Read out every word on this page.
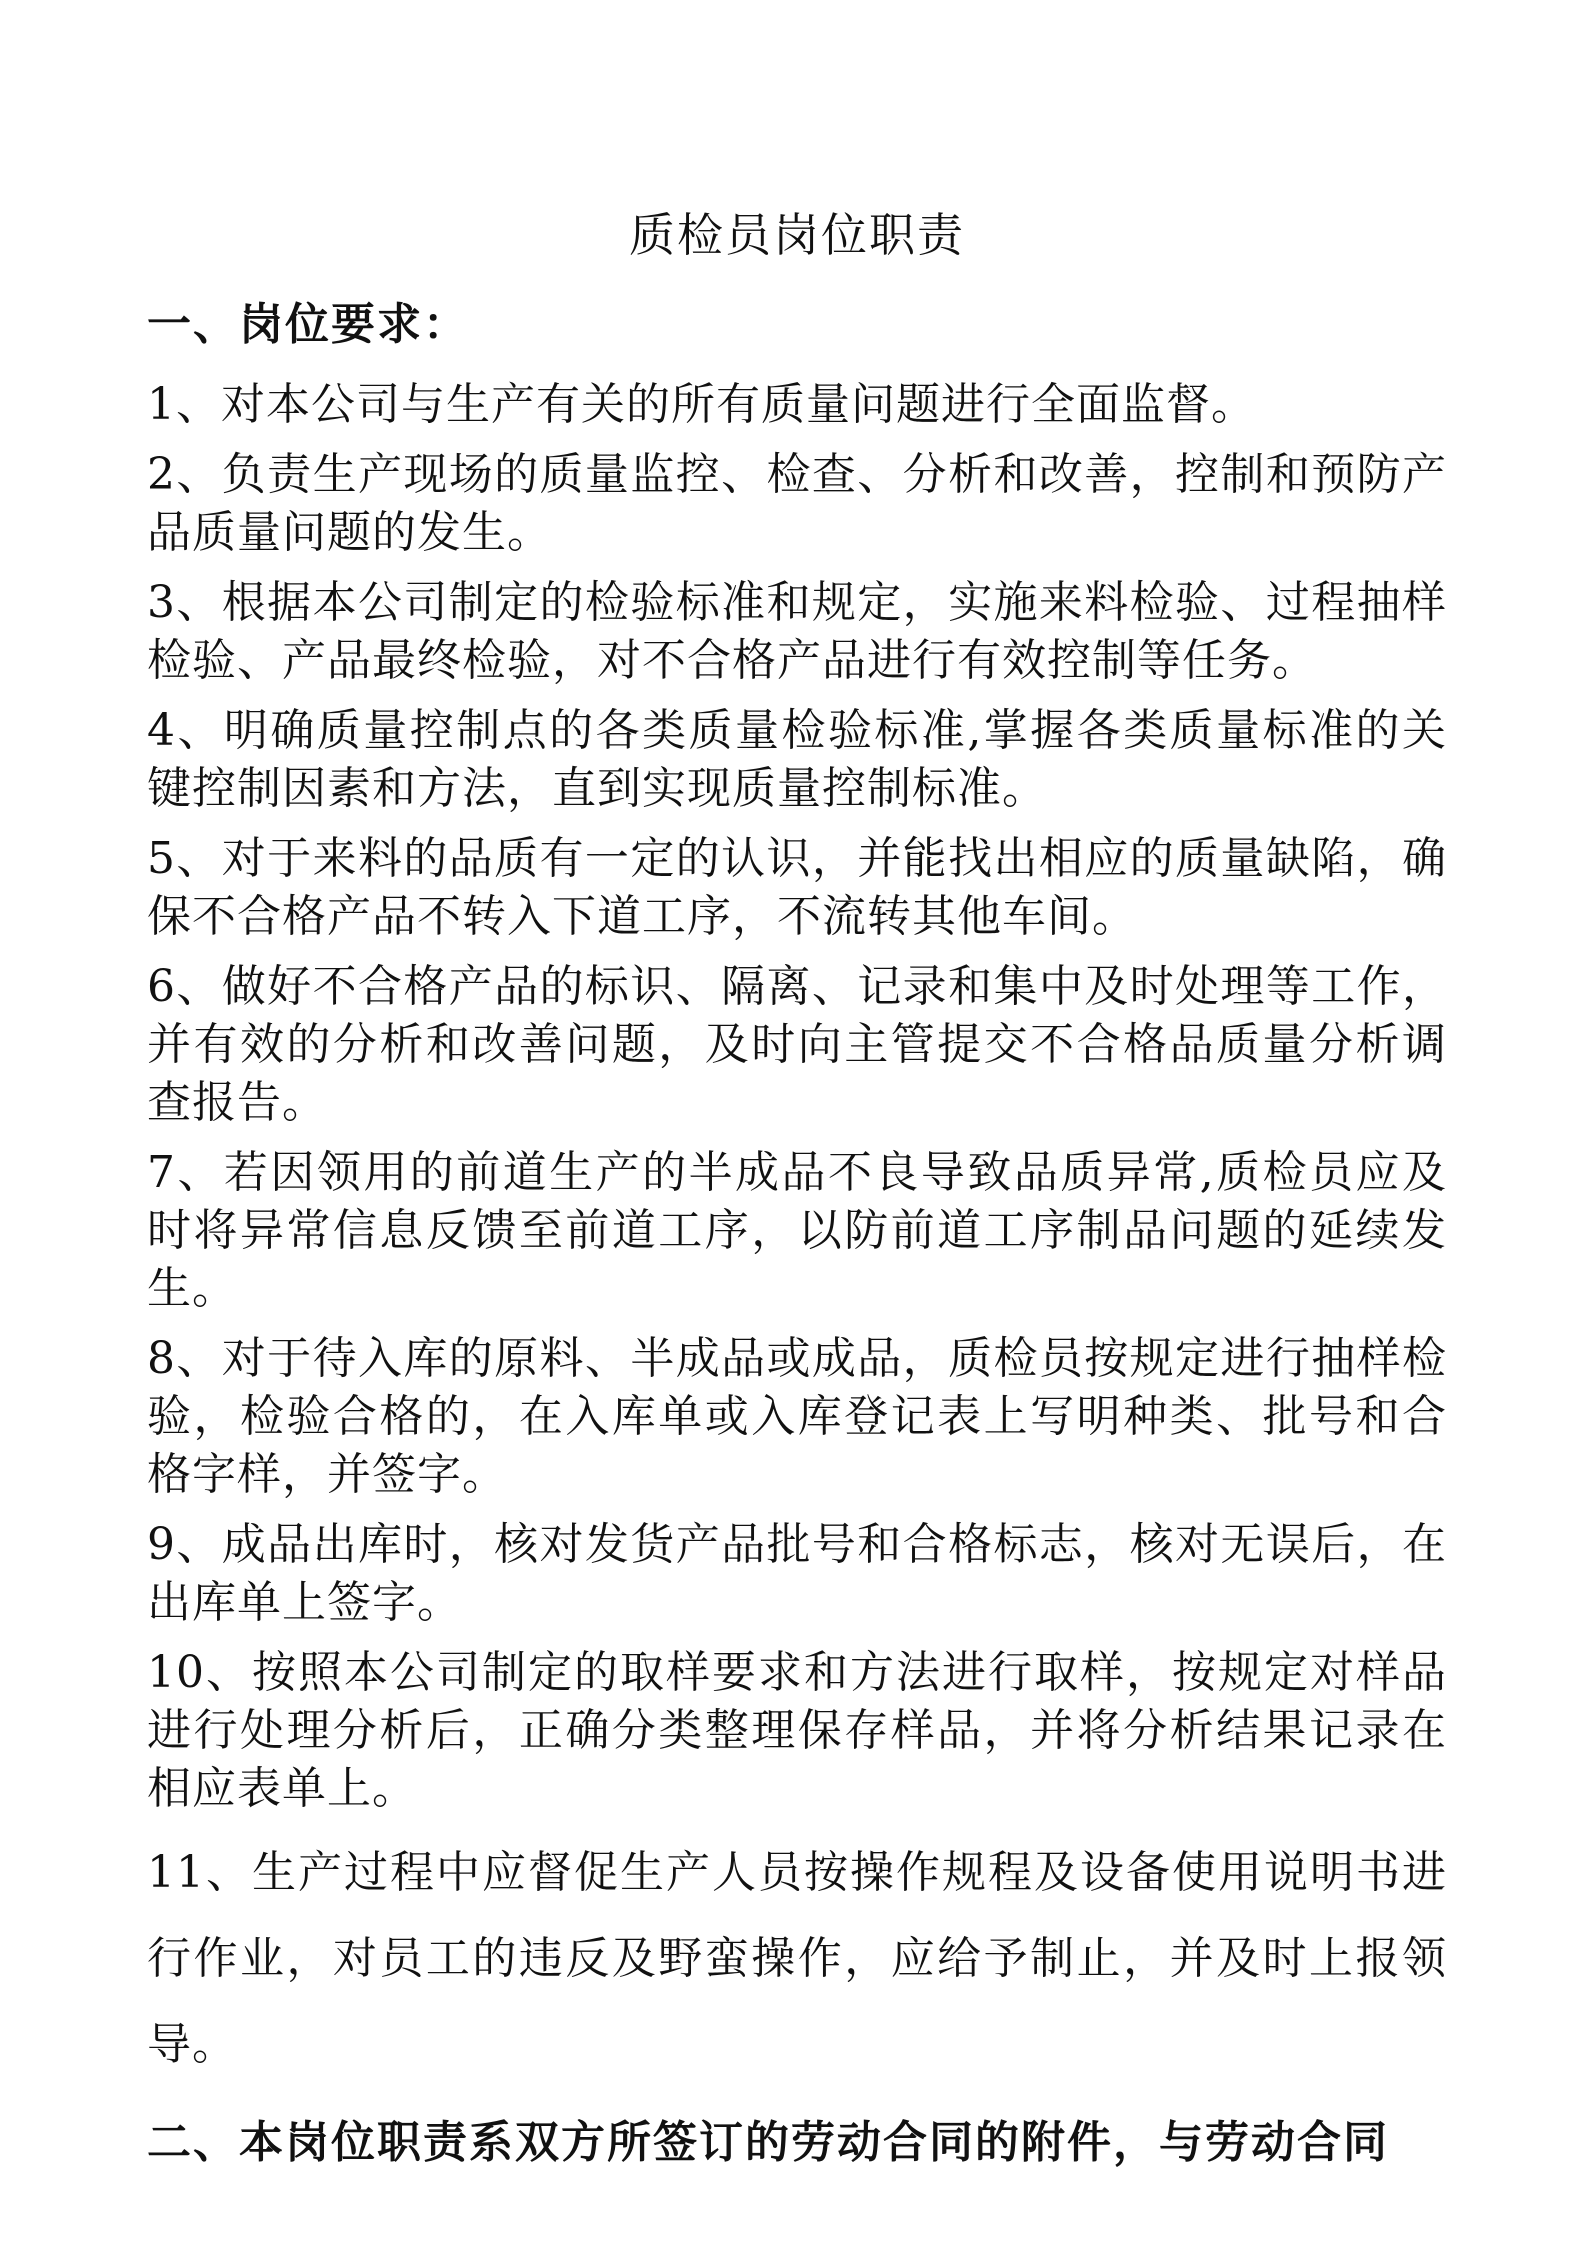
质检员岗位职责
一、岗位要求：

1、对本公司与生产有关的所有质量问题进行全面监督。

2、负责生产现场的质量监控、检查、分析和改善，控制和预防产品质量问题的发生。

3、根据本公司制定的检验标准和规定，实施来料检验、过程抽样检验、产品最终检验，对不合格产品进行有效控制等任务。

4、明确质量控制点的各类质量检验标准,掌握各类质量标准的关键控制因素和方法，直到实现质量控制标准。

5、对于来料的品质有一定的认识，并能找出相应的质量缺陷，确保不合格产品不转入下道工序，不流转其他车间。

6、做好不合格产品的标识、隔离、记录和集中及时处理等工作，并有效的分析和改善问题，及时向主管提交不合格品质量分析调查报告。

7、若因领用的前道生产的半成品不良导致品质异常,质检员应及时将异常信息反馈至前道工序，以防前道工序制品问题的延续发生。

8、对于待入库的原料、半成品或成品，质检员按规定进行抽样检验，检验合格的，在入库单或入库登记表上写明种类、批号和合格字样，并签字。

9、成品出库时，核对发货产品批号和合格标志，核对无误后，在出库单上签字。

10、按照本公司制定的取样要求和方法进行取样，按规定对样品进行处理分析后，正确分类整理保存样品，并将分析结果记录在相应表单上。

11、生产过程中应督促生产人员按操作规程及设备使用说明书进行作业，对员工的违反及野蛮操作，应给予制止，并及时上报领导。

二、本岗位职责系双方所签订的劳动合同的附件，与劳动合同
